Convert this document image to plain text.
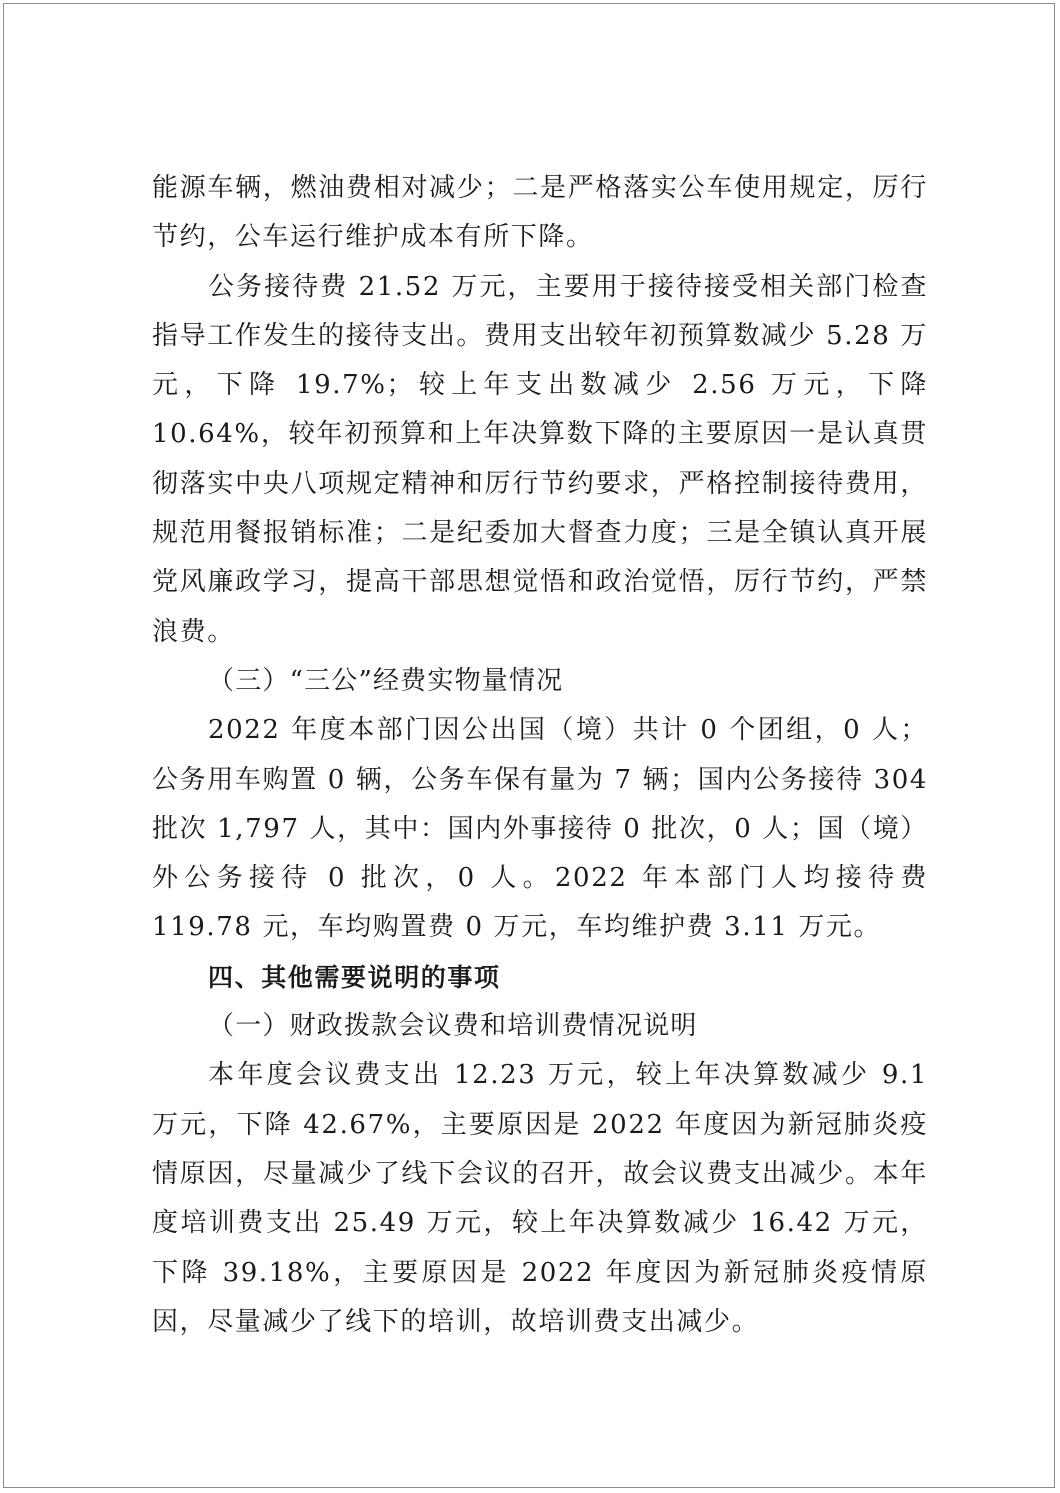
能源车辆，燃油费相对减少；二是严格落实公车使用规定，厉行节约，公车运行维护成本有所下降。

公务接待费 21.52 万元，主要用于接待接受相关部门检查指导工作发生的接待支出。费用支出较年初预算数减少 5.28 万元，下降 19.7%；较上年支出数减少 2.56 万元，下降 10.64%，较年初预算和上年决算数下降的主要原因一是认真贯彻落实中央八项规定精神和厉行节约要求，严格控制接待费用，规范用餐报销标准；二是纪委加大督查力度；三是全镇认真开展党风廉政学习，提高干部思想觉悟和政治觉悟，厉行节约，严禁浪费。

（三）“三公”经费实物量情况

2022 年度本部门因公出国（境）共计 0 个团组，0 人；公务用车购置 0 辆，公务车保有量为 7 辆；国内公务接待 304 批次 1,797 人，其中：国内外事接待 0 批次，0 人；国（境）外公务接待 0 批次，0 人。2022 年本部门人均接待费 119.78 元，车均购置费 0 万元，车均维护费 3.11 万元。

四、其他需要说明的事项

（一）财政拨款会议费和培训费情况说明

本年度会议费支出 12.23 万元，较上年决算数减少 9.1 万元，下降 42.67%，主要原因是 2022 年度因为新冠肺炎疫情原因，尽量减少了线下会议的召开，故会议费支出减少。本年度培训费支出 25.49 万元，较上年决算数减少 16.42 万元，下降 39.18%，主要原因是 2022 年度因为新冠肺炎疫情原因，尽量减少了线下的培训，故培训费支出减少。
